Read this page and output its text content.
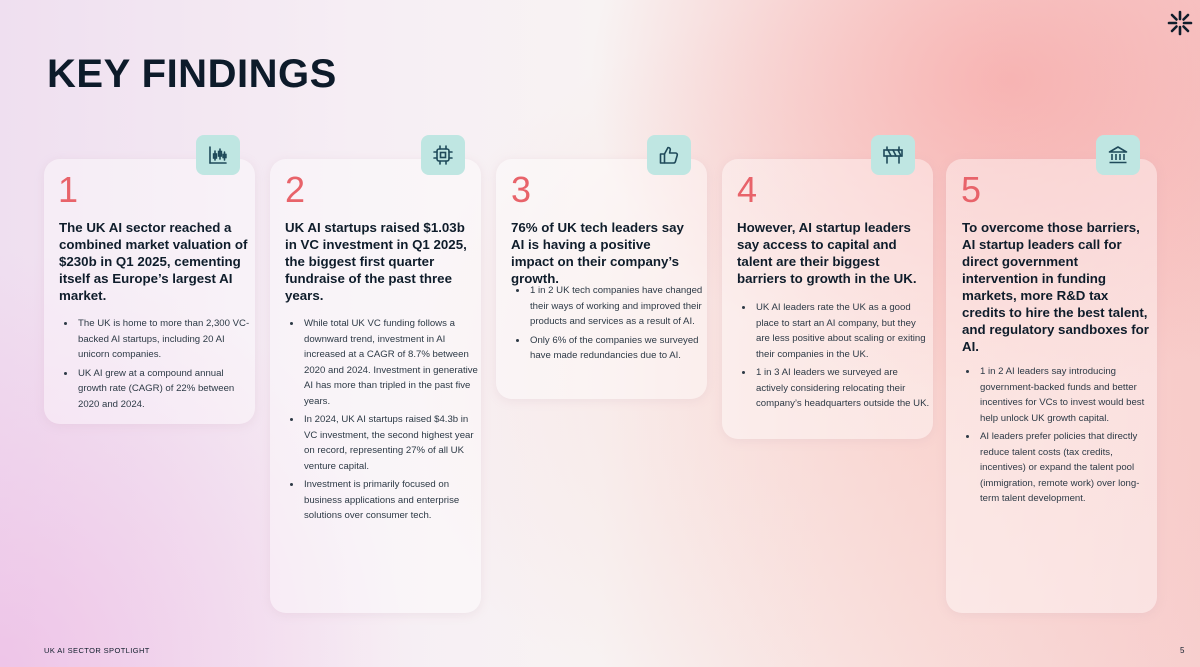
KEY FINDINGS
1

The UK AI sector reached a combined market valuation of $230b in Q1 2025, cementing itself as Europe’s largest AI market.

• The UK is home to more than 2,300 VC-backed AI startups, including 20 AI unicorn companies.
• UK AI grew at a compound annual growth rate (CAGR) of 22% between 2020 and 2024.
2

UK AI startups raised $1.03b in VC investment in Q1 2025, the biggest first quarter fundraise of the past three years.

• While total UK VC funding follows a downward trend, investment in AI increased at a CAGR of 8.7% between 2020 and 2024. Investment in generative AI has more than tripled in the past five years.
• In 2024, UK AI startups raised $4.3b in VC investment, the second highest year on record, representing 27% of all UK venture capital.
• Investment is primarily focused on business applications and enterprise solutions over consumer tech.
3

76% of UK tech leaders say AI is having a positive impact on their company’s growth.

• 1 in 2 UK tech companies have changed their ways of working and improved their products and services as a result of AI.
• Only 6% of the companies we surveyed have made redundancies due to AI.
4

However, AI startup leaders say access to capital and talent are their biggest barriers to growth in the UK.

• UK AI leaders rate the UK as a good place to start an AI company, but they are less positive about scaling or exiting their companies in the UK.
• 1 in 3 AI leaders we surveyed are actively considering relocating their company’s headquarters outside the UK.
5

To overcome those barriers, AI startup leaders call for direct government intervention in funding markets, more R&D tax credits to hire the best talent, and regulatory sandboxes for AI.

• 1 in 2 AI leaders say introducing government-backed funds and better incentives for VCs to invest would best help unlock UK growth capital.
• AI leaders prefer policies that directly reduce talent costs (tax credits, incentives) or expand the talent pool (immigration, remote work) over long-term talent development.
UK AI SECTOR SPOTLIGHT	5
